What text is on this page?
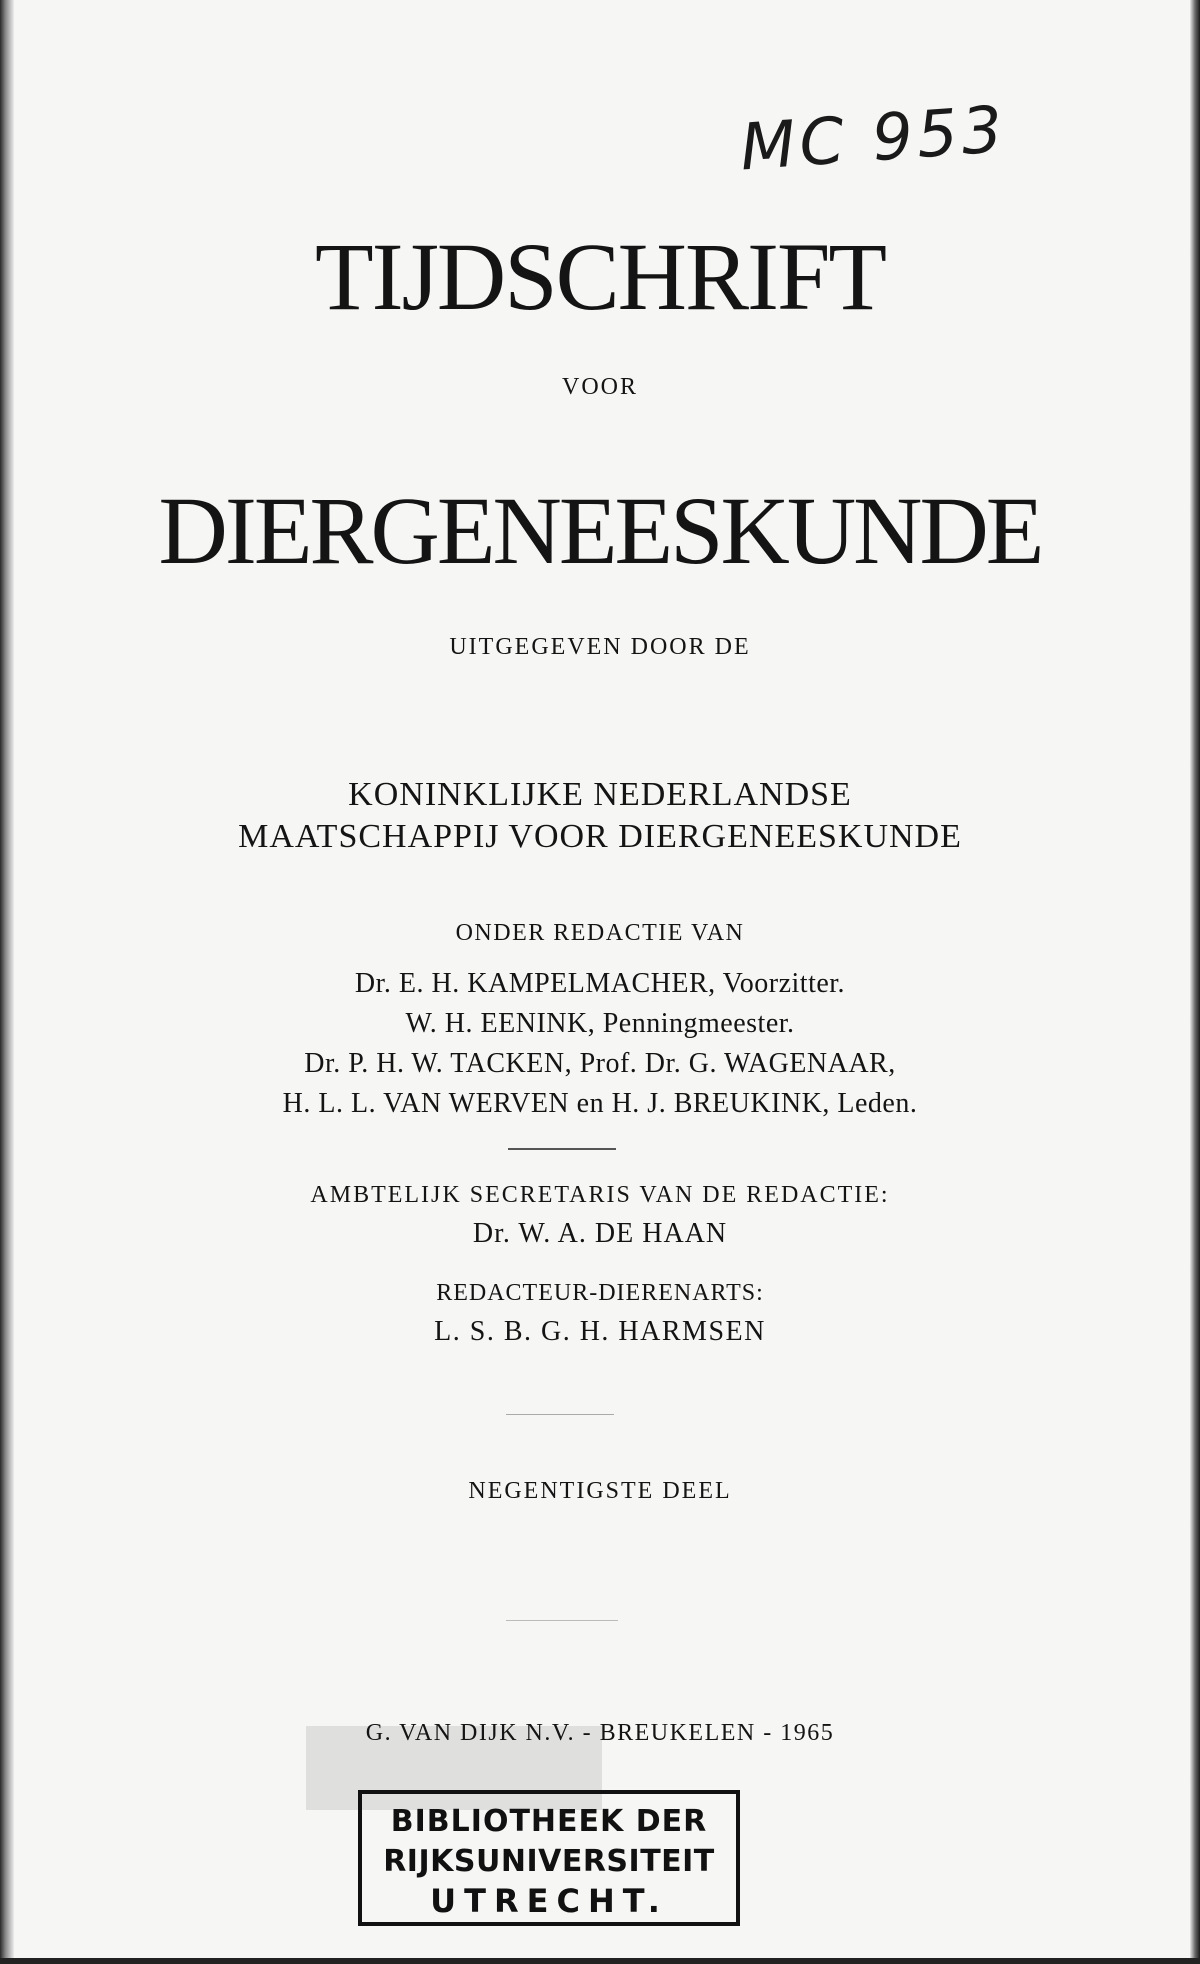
MC 953
TIJDSCHRIFT
VOOR
DIERGENEESKUNDE
UITGEGEVEN DOOR DE
KONINKLIJKE NEDERLANDSE
MAATSCHAPPIJ VOOR DIERGENEESKUNDE
ONDER REDACTIE VAN
Dr. E. H. KAMPELMACHER, Voorzitter.
W. H. EENINK, Penningmeester.
Dr. P. H. W. TACKEN, Prof. Dr. G. WAGENAAR,
H. L. L. VAN WERVEN en H. J. BREUKINK, Leden.
AMBTELIJK SECRETARIS VAN DE REDACTIE:
Dr. W. A. DE HAAN
REDACTEUR-DIERENARTS:
L. S. B. G. H. HARMSEN
NEGENTIGSTE DEEL
G. VAN DIJK N.V. - BREUKELEN - 1965
BIBLIOTHEEK DER
RIJKSUNIVERSITEIT
UTRECHT.
